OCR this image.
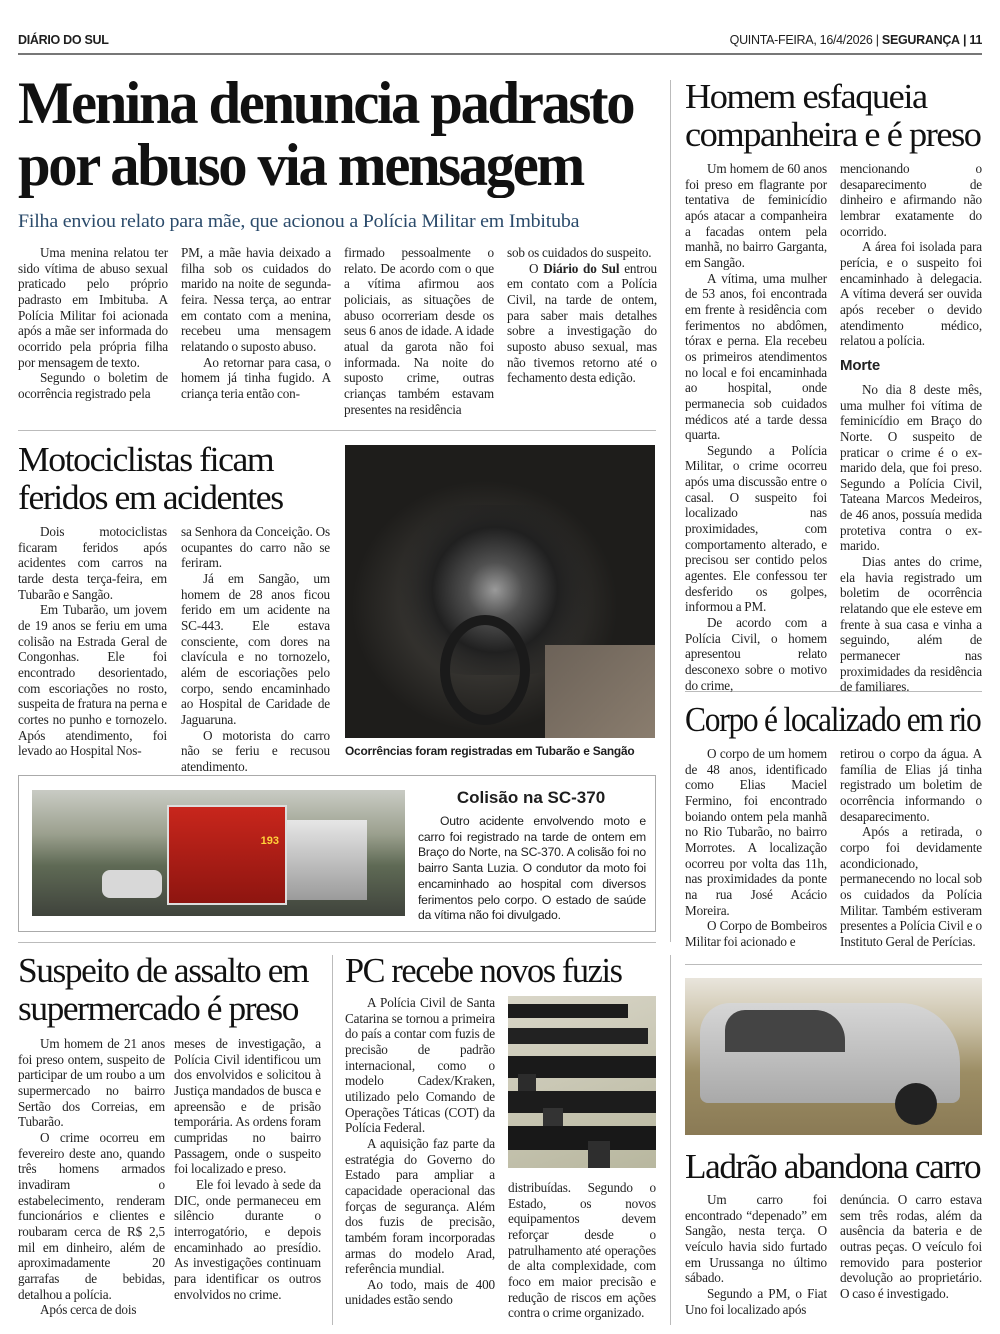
DIÁRIO DO SUL	QUINTA-FEIRA, 16/4/2026 | SEGURANÇA | 11
Menina denuncia padrasto
por abuso via mensagem
Filha enviou relato para mãe, que acionou a Polícia Militar em Imbituba

Uma menina relatou ter sido vítima de abuso sexual praticado pelo próprio padrasto em Imbituba. A Polícia Militar foi acionada após a mãe ser informada do ocorrido pela própria filha por mensagem de texto.

Segundo o boletim de ocorrência registrado pela

PM, a mãe havia deixado a filha sob os cuidados do marido na noite de segunda-feira. Nessa terça, ao entrar em contato com a menina, recebeu uma mensagem relatando o suposto abuso.

Ao retornar para casa, o homem já tinha fugido. A criança teria então con-

firmado pessoalmente o relato. De acordo com o que a vítima afirmou aos policiais, as situações de abuso ocorreriam desde os seus 6 anos de idade. A idade atual da garota não foi informada. Na noite do suposto crime, outras crianças também estavam presentes na residência

sob os cuidados do suspeito.

O Diário do Sul entrou em contato com a Polícia Civil, na tarde de ontem, para saber mais detalhes sobre a investigação do suposto abuso sexual, mas não tivemos retorno até o fechamento desta edição.

Homem esfaqueia
companheira e é preso

Um homem de 60 anos foi preso em flagrante por tentativa de feminicídio após atacar a companheira a facadas ontem pela manhã, no bairro Garganta, em Sangão.

A vítima, uma mulher de 53 anos, foi encontrada em frente à residência com ferimentos no abdômen, tórax e perna. Ela recebeu os primeiros atendimentos no local e foi encaminhada ao hospital, onde permanecia sob cuidados médicos até a tarde dessa quarta.

Segundo a Polícia Militar, o crime ocorreu após uma discussão entre o casal. O suspeito foi localizado nas proximidades, com comportamento alterado, e precisou ser contido pelos agentes. Ele confessou ter desferido os golpes, informou a PM.

De acordo com a Polícia Civil, o homem apresentou relato desconexo sobre o motivo do crime,

mencionando o desaparecimento de dinheiro e afirmando não lembrar exatamente do ocorrido.

A área foi isolada para perícia, e o suspeito foi encaminhado à delegacia. A vítima deverá ser ouvida após receber o devido atendimento médico, relatou a polícia.

Morte

No dia 8 deste mês, uma mulher foi vítima de feminicídio em Braço do Norte. O suspeito de praticar o crime é o ex-marido dela, que foi preso. Segundo a Polícia Civil, Tateana Marcos Medeiros, de 46 anos, possuía medida protetiva contra o ex-marido.

Dias antes do crime, ela havia registrado um boletim de ocorrência relatando que ele esteve em frente à sua casa e vinha a seguindo, além de permanecer nas proximidades da residência de familiares.

Motociclistas ficam
feridos em acidentes

Dois motociclistas ficaram feridos após acidentes com carros na tarde desta terça-feira, em Tubarão e Sangão.

Em Tubarão, um jovem de 19 anos se feriu em uma colisão na Estrada Geral de Congonhas. Ele foi encontrado desorientado, com escoriações no rosto, suspeita de fratura na perna e cortes no punho e tornozelo. Após atendimento, foi levado ao Hospital Nos-

sa Senhora da Conceição. Os ocupantes do carro não se feriram.

Já em Sangão, um homem de 28 anos ficou ferido em um acidente na SC-443. Ele estava consciente, com dores na clavícula e no tornozelo, além de escoriações pelo corpo, sendo encaminhado ao Hospital de Caridade de Jaguaruna.

O motorista do carro não se feriu e recusou atendimento.

Ocorrências foram registradas em Tubarão e Sangão
193
Colisão na SC-370

Outro acidente envolvendo moto e carro foi registrado na tarde de ontem em Braço do Norte, na SC-370. A colisão foi no bairro Santa Luzia. O condutor da moto foi encaminhado ao hospital com diversos ferimentos pelo corpo. O estado de saúde da vítima não foi divulgado.

Suspeito de assalto em
supermercado é preso

Um homem de 21 anos foi preso ontem, suspeito de participar de um roubo a um supermercado no bairro Sertão dos Correias, em Tubarão.

O crime ocorreu em fevereiro deste ano, quando três homens armados invadiram o estabelecimento, renderam funcionários e clientes e roubaram cerca de R$ 2,5 mil em dinheiro, além de aproximadamente 20 garrafas de bebidas, detalhou a polícia.

Após cerca de dois

meses de investigação, a Polícia Civil identificou um dos envolvidos e solicitou à Justiça mandados de busca e apreensão e de prisão temporária. As ordens foram cumpridas no bairro Passagem, onde o suspeito foi localizado e preso.

Ele foi levado à sede da DIC, onde permaneceu em silêncio durante o interrogatório, e depois encaminhado ao presídio. As investigações continuam para identificar os outros envolvidos no crime.

PC recebe novos fuzis

A Polícia Civil de Santa Catarina se tornou a primeira do país a contar com fuzis de precisão de padrão internacional, como o modelo Cadex/Kraken, utilizado pelo Comando de Operações Táticas (COT) da Polícia Federal.

A aquisição faz parte da estratégia do Governo do Estado para ampliar a capacidade operacional das forças de segurança. Além dos fuzis de precisão, também foram incorporadas armas do modelo Arad, referência mundial.

Ao todo, mais de 400 unidades estão sendo

distribuídas. Segundo o Estado, os novos equipamentos devem reforçar desde o patrulhamento até operações de alta complexidade, com foco em maior precisão e redução de riscos em ações contra o crime organizado.

Corpo é localizado em rio

O corpo de um homem de 48 anos, identificado como Elias Maciel Fermino, foi encontrado boiando ontem pela manhã no Rio Tubarão, no bairro Morrotes. A localização ocorreu por volta das 11h, nas proximidades da ponte na rua José Acácio Moreira.

O Corpo de Bombeiros Militar foi acionado e

retirou o corpo da água. A família de Elias já tinha registrado um boletim de ocorrência informando o desaparecimento.

Após a retirada, o corpo foi devidamente acondicionado, permanecendo no local sob os cuidados da Polícia Militar. Também estiveram presentes a Polícia Civil e o Instituto Geral de Perícias.

Ladrão abandona carro

Um carro foi encontrado “depenado” em Sangão, nesta terça. O veículo havia sido furtado em Urussanga no último sábado.

Segundo a PM, o Fiat Uno foi localizado após

denúncia. O carro estava sem três rodas, além da ausência da bateria e de outras peças. O veículo foi removido para posterior devolução ao proprietário. O caso é investigado.
